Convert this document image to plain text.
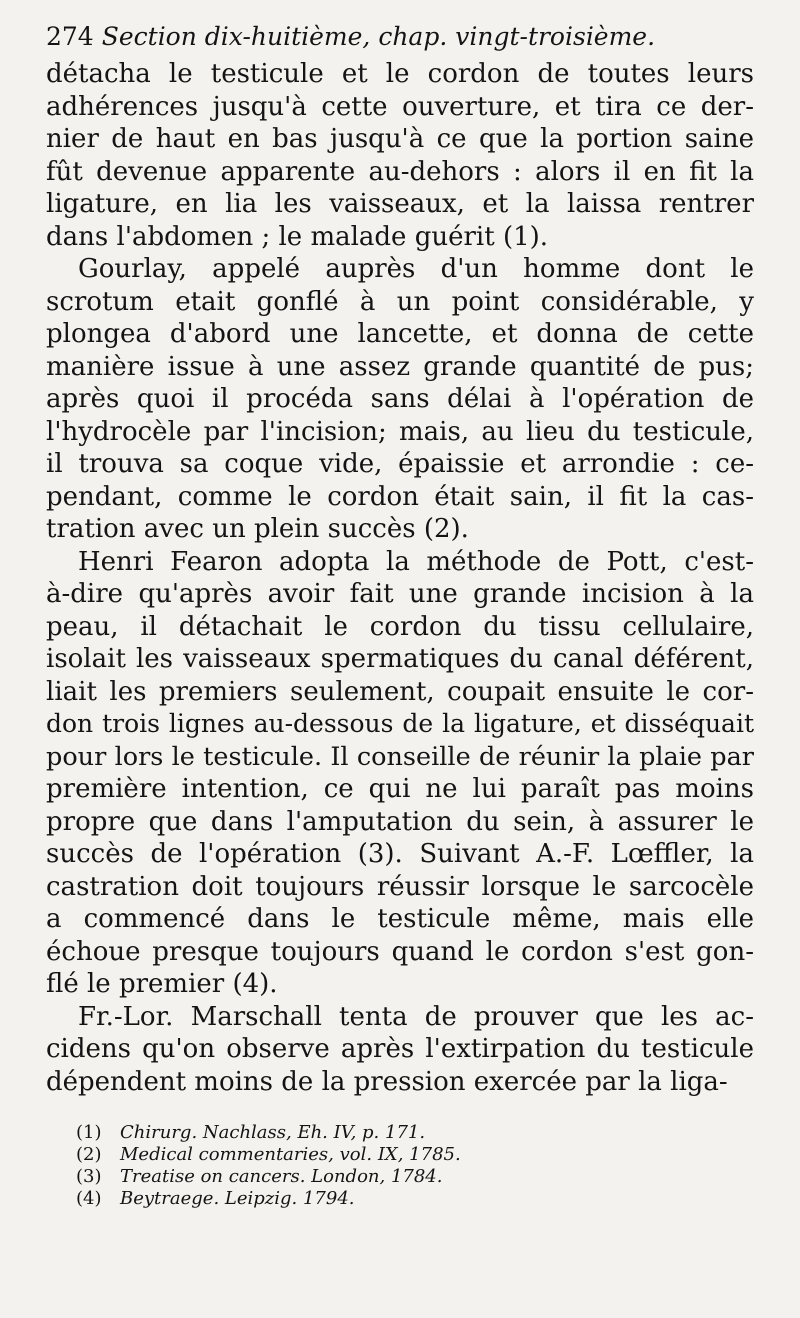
274 Section dix-huitième, chap. vingt-troisième.
détacha le testicule et le cordon de toutes leurs
adhérences jusqu'à cette ouverture, et tira ce der-
nier de haut en bas jusqu'à ce que la portion saine
fût devenue apparente au-dehors : alors il en fit la
ligature, en lia les vaisseaux, et la laissa rentrer
dans l'abdomen ; le malade guérit (1).
Gourlay, appelé auprès d'un homme dont le
scrotum etait gonflé à un point considérable, y
plongea d'abord une lancette, et donna de cette
manière issue à une assez grande quantité de pus;
après quoi il procéda sans délai à l'opération de
l'hydrocèle par l'incision; mais, au lieu du testicule,
il trouva sa coque vide, épaissie et arrondie : ce-
pendant, comme le cordon était sain, il fit la cas-
tration avec un plein succès (2).
Henri Fearon adopta la méthode de Pott, c'est-
à-dire qu'après avoir fait une grande incision à la
peau, il détachait le cordon du tissu cellulaire,
isolait les vaisseaux spermatiques du canal déférent,
liait les premiers seulement, coupait ensuite le cor-
don trois lignes au-dessous de la ligature, et disséquait
pour lors le testicule. Il conseille de réunir la plaie par
première intention, ce qui ne lui paraît pas moins
propre que dans l'amputation du sein, à assurer le
succès de l'opération (3). Suivant A.-F. Lœffler, la
castration doit toujours réussir lorsque le sarcocèle
a commencé dans le testicule même, mais elle
échoue presque toujours quand le cordon s'est gon-
flé le premier (4).
Fr.-Lor. Marschall tenta de prouver que les ac-
cidens qu'on observe après l'extirpation du testicule
dépendent moins de la pression exercée par la liga-
(1) Chirurg. Nachlass, Eh. IV, p. 171.
(2) Medical commentaries, vol. IX, 1785.
(3) Treatise on cancers. London, 1784.
(4) Beytraege. Leipzig. 1794.
